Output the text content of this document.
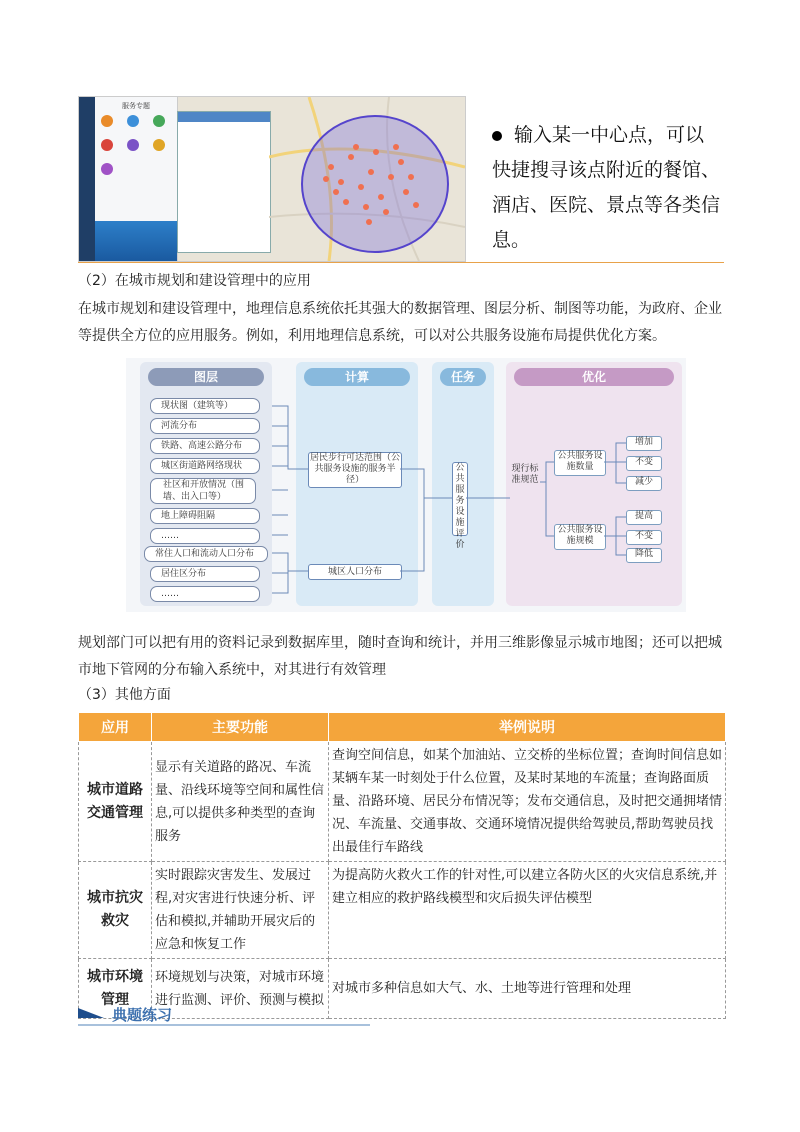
服务专题
输入某一中心点，可以快捷搜寻该点附近的餐馆、酒店、医院、景点等各类信息。
（2）在城市规划和建设管理中的应用
在城市规划和建设管理中，地理信息系统依托其强大的数据管理、图层分析、制图等功能，为政府、企业等提供全方位的应用服务。例如，利用地理信息系统，可以对公共服务设施布局提供优化方案。
图层	计算	任务	优化
现状图（建筑等）
河流分布
铁路、高速公路分布
城区街道路网络现状
社区和开放情况（围墙、出入口等）
地上障碍阻隔
……
常住人口和流动人口分布
居住区分布
……
居民步行可达范围（公共服务设施的服务半径）
城区人口分布
公共服务设施评价
现行标准规范
公共服务设施数量
公共服务设施规模
增加
不变
减少
提高
不变
降低
规划部门可以把有用的资料记录到数据库里，随时查询和统计，并用三维影像显示城市地图；还可以把城市地下管网的分布输入系统中，对其进行有效管理
（3）其他方面
应用	主要功能	举例说明
城市道路交通管理	显示有关道路的路况、车流量、沿线环境等空间和属性信息,可以提供多种类型的查询服务	查询空间信息，如某个加油站、立交桥的坐标位置；查询时间信息如某辆车某一时刻处于什么位置，及某时某地的车流量；查询路面质量、沿路环境、居民分布情况等；发布交通信息，及时把交通拥堵情况、车流量、交通事故、交通环境情况提供给驾驶员,帮助驾驶员找出最佳行车路线
城市抗灾救灾	实时跟踪灾害发生、发展过程,对灾害进行快速分析、评估和模拟,并辅助开展灾后的应急和恢复工作	为提高防火救火工作的针对性,可以建立各防火区的火灾信息系统,并建立相应的救护路线模型和灾后损失评估模型
城市环境管理	环境规划与决策，对城市环境进行监测、评价、预测与模拟	对城市多种信息如大气、水、土地等进行管理和处理
典题练习
